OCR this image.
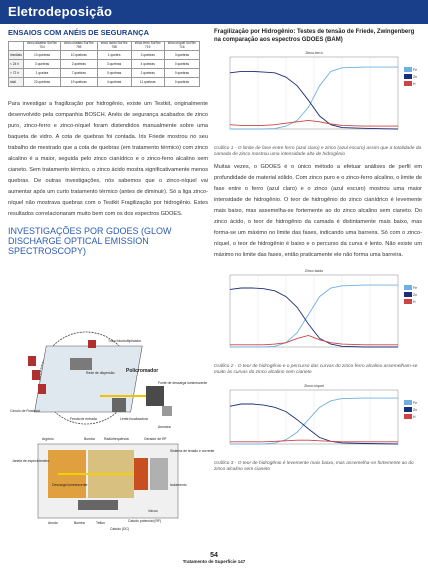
Eletrodeposição
ENSAIOS COM ANÉIS DE SEGURANÇA
	zinco alcalino SurTec 704	zinco-cobalto SurTec 759	zinco ácido SurTec 758	zinco-ferro SurTec 719	zinco-níquel SurTec 716
imediato	10 quebras	10 quebras	1 quebra	3 quebras	3 quebras
< 24 h	3 quebras	2 quebras	3 quebras	4 quebras	0 quebras
> 72 h	1 quebra	7 quebras	0 quebras	2 quebras	0 quebras
total	20 quebras	19 quebras	4 quebras	11 quebras	0 quebras

Para investigar a fragilização por hidrogênio, existe um Testkit, originalmente desenvolvido pela companhia BOSCH. Anéis de segurança acabados de zinco puro, zinco-ferro e zinco-níquel foram distendidos manualmente sobre uma baqueta de vidro. A cota de quebras foi contada. Iris Friede mostrou no seu trabalho de mestrado que a cota de quebras (em tratamento térmico) com zinco alcalino é a maior, seguida pelo zinco cianídrico e o zinco-ferro alcalino sem cianeto. Sem tratamento térmico, o zinco ácido mostra significativamente menos quebras. De outras investigações, nós sabemos que o zinco-níquel vai aumentar após um curto tratamento térmico (antes de diminuir). Só a liga zinco-níquel não mostrava quebras com o Testkit Fragilização por hidrogênio. Estes resultados correlacionaram muito bem com os dos espectros GDOES.

INVESTIGAÇÕES POR GDOES (GLOW DISCHARGE OPTICAL EMISSION SPECTROSCOPY)
Tubo fotomultiplicador
Rede de dispersão Policromador
Fonte de descarga luminescente
Círculo de Rowland
Fenda de entrada	Lente focalizadora
Amostra
Argônio	Bomba	Radiofrequência	Gerador de RF
Sistema de tensão e corrente
Janela de espectrômetro
Descarga luminescente	Isolamento
Anodo	Bomba	Teflon	Catodo potencial (RF)
Catodo (DC)
Vácuo
Fragilização por Hidrogênio: Testes de tensão de Friede, Zwingenberg na comparação aos espectros GDOES (BAM)
Zinco-ferro
Fe
Zn
H

Gráfico 1 - O limite de fase entre ferro (azul claro) e zinco (azul escuro) assim que a totalidade da camada de zinco mostrou uma intensidade alta de hidrogênio

Muitas vezes, o GDOES é o único método a efetuar análises de perfil em profundidade de material sólido. Com zinco puro e o zinco-ferro alcalino, o limite de fase entre o ferro (azul claro) e o zinco (azul escuro) mostrou uma maior intensidade de hidrogênio. O teor de hidrogênio do zinco cianídrico é levemente mais baixo, mas assemelha-se fortemente ao do zinco alcalino sem cianeto. Do zinco ácido, o teor de hidrogênio da camada é distintamente mais baixo, mas forma-se um máximo no limite das fases, indicando uma barreira. Só com o zinco-níquel, o teor de hidrogênio é baixo e o percurso da curva é lento. Não existe um máximo no limite das fases, então praticamente ele não forma uma barreira.

Zinco ácido
Fe
Zn
H

Gráfico 2 - O teor de hidrogênio e o percurso das curvas do zinco-ferro alcalino assemelham-se muito às curvas do zinco alcalino sem cianeto

Zinco-níquel
Fe
Zn
H

Gráfico 3 - O teor de hidrogênio é levemente mais baixo, mas assemelha-se fortemente ao do zinco alcalino sem cianeto

54
Tratamento de Superfície 147
